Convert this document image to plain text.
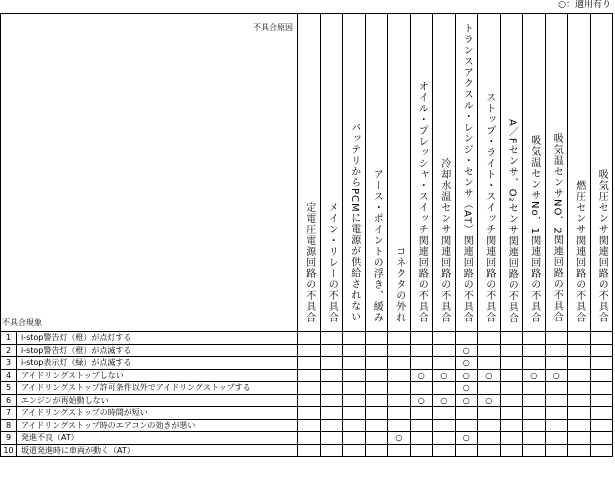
○：適用有り
不具合原因
不具合現象		定電圧電源回路の不具合	メイン・リレーの不具合	バッテリからPCMに電源が供給されない	アース・ポイントの浮き、緩み	コネクタの外れ	オイル・プレッシャ・スイッチ関連回路の不具合	冷却水温センサ関連回路の不具合	トランスアクスル・レンジ・センサ（AT）関連回路の不具合	ストップ・ライト・スイッチ関連回路の不具合	A／Fセンサ、O₂センサ関連回路の不具合	吸気温センサNo．1関連回路の不具合	吸気温センサNO．2関連回路の不具合	燃圧センサ関連回路の不具合	吸気圧センサ関連回路の不具合
1	i-stop警告灯（橙）が点灯する														
2	i-stop警告灯（橙）が点滅する								○						
3	i-stop表示灯（緑）が点滅する								○						
4	アイドリングストップしない						○	○	○	○		○	○		
5	アイドリングストップ許可条件以外でアイドリングストップする								○						
6	エンジンが再始動しない						○	○	○	○					
7	アイドリングストップの時間が短い														
8	アイドリングストップ時のエアコンの効きが悪い														
9	発進不良（AT）					○			○						
10	坂道発進時に車両が動く（AT）														
